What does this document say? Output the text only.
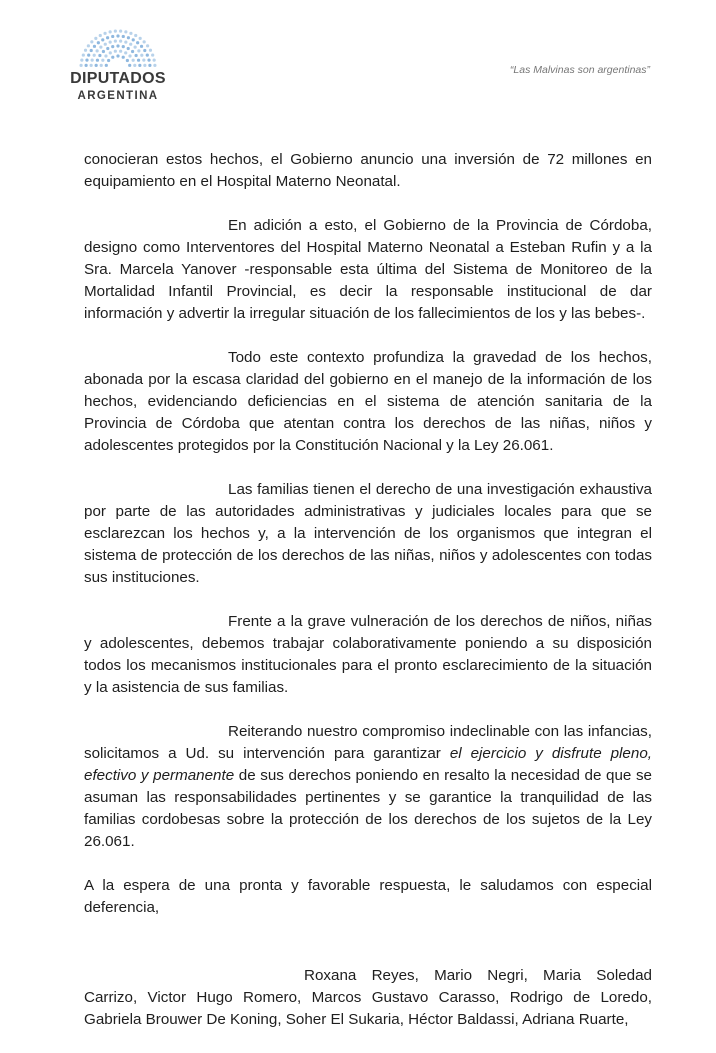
DIPUTADOS
ARGENTINA
“Las Malvinas son argentinas”

conocieran estos hechos, el Gobierno anuncio una inversión de 72 millones en equipamiento en el Hospital Materno Neonatal.

En adición a esto, el Gobierno de la Provincia de Córdoba, designo como Interventores del Hospital Materno Neonatal a Esteban Rufin y a la Sra. Marcela Yanover -responsable esta última del Sistema de Monitoreo de la Mortalidad Infantil Provincial, es decir la responsable institucional de dar información y advertir la irregular situación de los fallecimientos de los y las bebes-.

Todo este contexto profundiza la gravedad de los hechos, abonada por la escasa claridad del gobierno en el manejo de la información de los hechos, evidenciando deficiencias en el sistema de atención sanitaria de la Provincia de Córdoba que atentan contra los derechos de las niñas, niños y adolescentes protegidos por la Constitución Nacional y la Ley 26.061.

Las familias tienen el derecho de una investigación exhaustiva por parte de las autoridades administrativas y judiciales locales para que se esclarezcan los hechos y, a la intervención de los organismos que integran el sistema de protección de los derechos de las niñas, niños y adolescentes con todas sus instituciones.

Frente a la grave vulneración de los derechos de niños, niñas y adolescentes, debemos trabajar colaborativamente poniendo a su disposición todos los mecanismos institucionales para el pronto esclarecimiento de la situación y la asistencia de sus familias.

Reiterando nuestro compromiso indeclinable con las infancias, solicitamos a Ud. su intervención para garantizar el ejercicio y disfrute pleno, efectivo y permanente de sus derechos poniendo en resalto la necesidad de que se asuman las responsabilidades pertinentes y se garantice la tranquilidad de las familias cordobesas sobre la protección de los derechos de los sujetos de la Ley 26.061.

A la espera de una pronta y favorable respuesta, le saludamos con especial deferencia,

Roxana Reyes, Mario Negri, Maria Soledad Carrizo, Victor Hugo Romero, Marcos Gustavo Carasso, Rodrigo de Loredo, Gabriela Brouwer De Koning, Soher El Sukaria, Héctor Baldassi, Adriana Ruarte,
